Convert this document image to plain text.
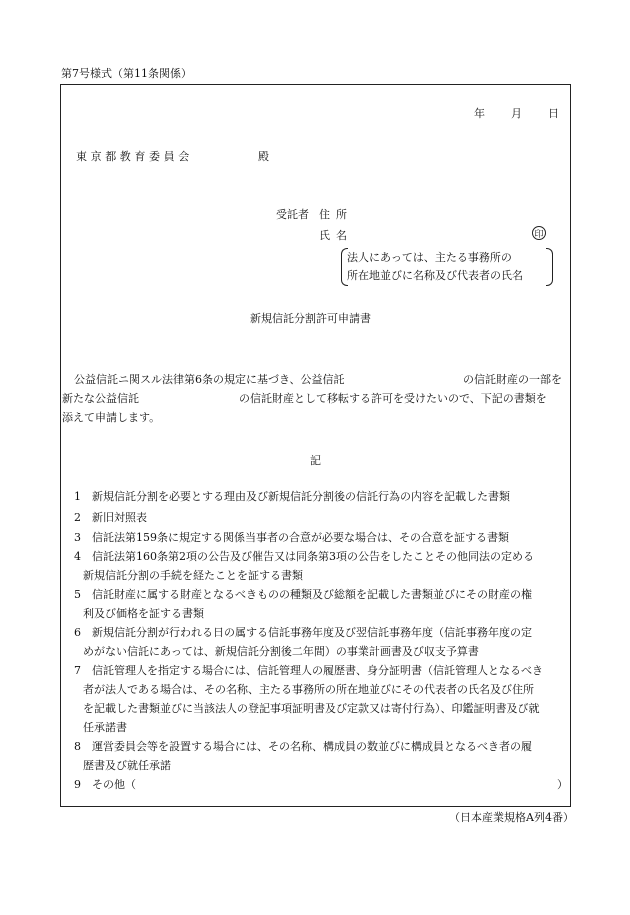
第7号様式（第11条関係）
年 月 日
東京都教育委員会	殿
受託者 住所
氏名	印
法人にあっては、主たる事務所の
所在地並びに名称及び代表者の氏名
新規信託分割許可申請書
公益信託ニ関スル法律第6条の規定に基づき、公益信託	の信託財産の一部を
新たな公益信託	の信託財産として移転する許可を受けたいので、下記の書類を
添えて申請します。
記
1 新規信託分割を必要とする理由及び新規信託分割後の信託行為の内容を記載した書類
2 新旧対照表
3 信託法第159条に規定する関係当事者の合意が必要な場合は、その合意を証する書類
4 信託法第160条第2項の公告及び催告又は同条第3項の公告をしたことその他同法の定める
新規信託分割の手続を経たことを証する書類
5 信託財産に属する財産となるべきものの種類及び総額を記載した書類並びにその財産の権
利及び価格を証する書類
6 新規信託分割が行われる日の属する信託事務年度及び翌信託事務年度（信託事務年度の定
めがない信託にあっては、新規信託分割後二年間）の事業計画書及び収支予算書
7 信託管理人を指定する場合には、信託管理人の履歴書、身分証明書（信託管理人となるべき
者が法人である場合は、その名称、主たる事務所の所在地並びにその代表者の氏名及び住所
を記載した書類並びに当該法人の登記事項証明書及び定款又は寄付行為）、印鑑証明書及び就
任承諾書
8 運営委員会等を設置する場合には、その名称、構成員の数並びに構成員となるべき者の履
歴書及び就任承諾
9 その他（	）
（日本産業規格A列4番）
